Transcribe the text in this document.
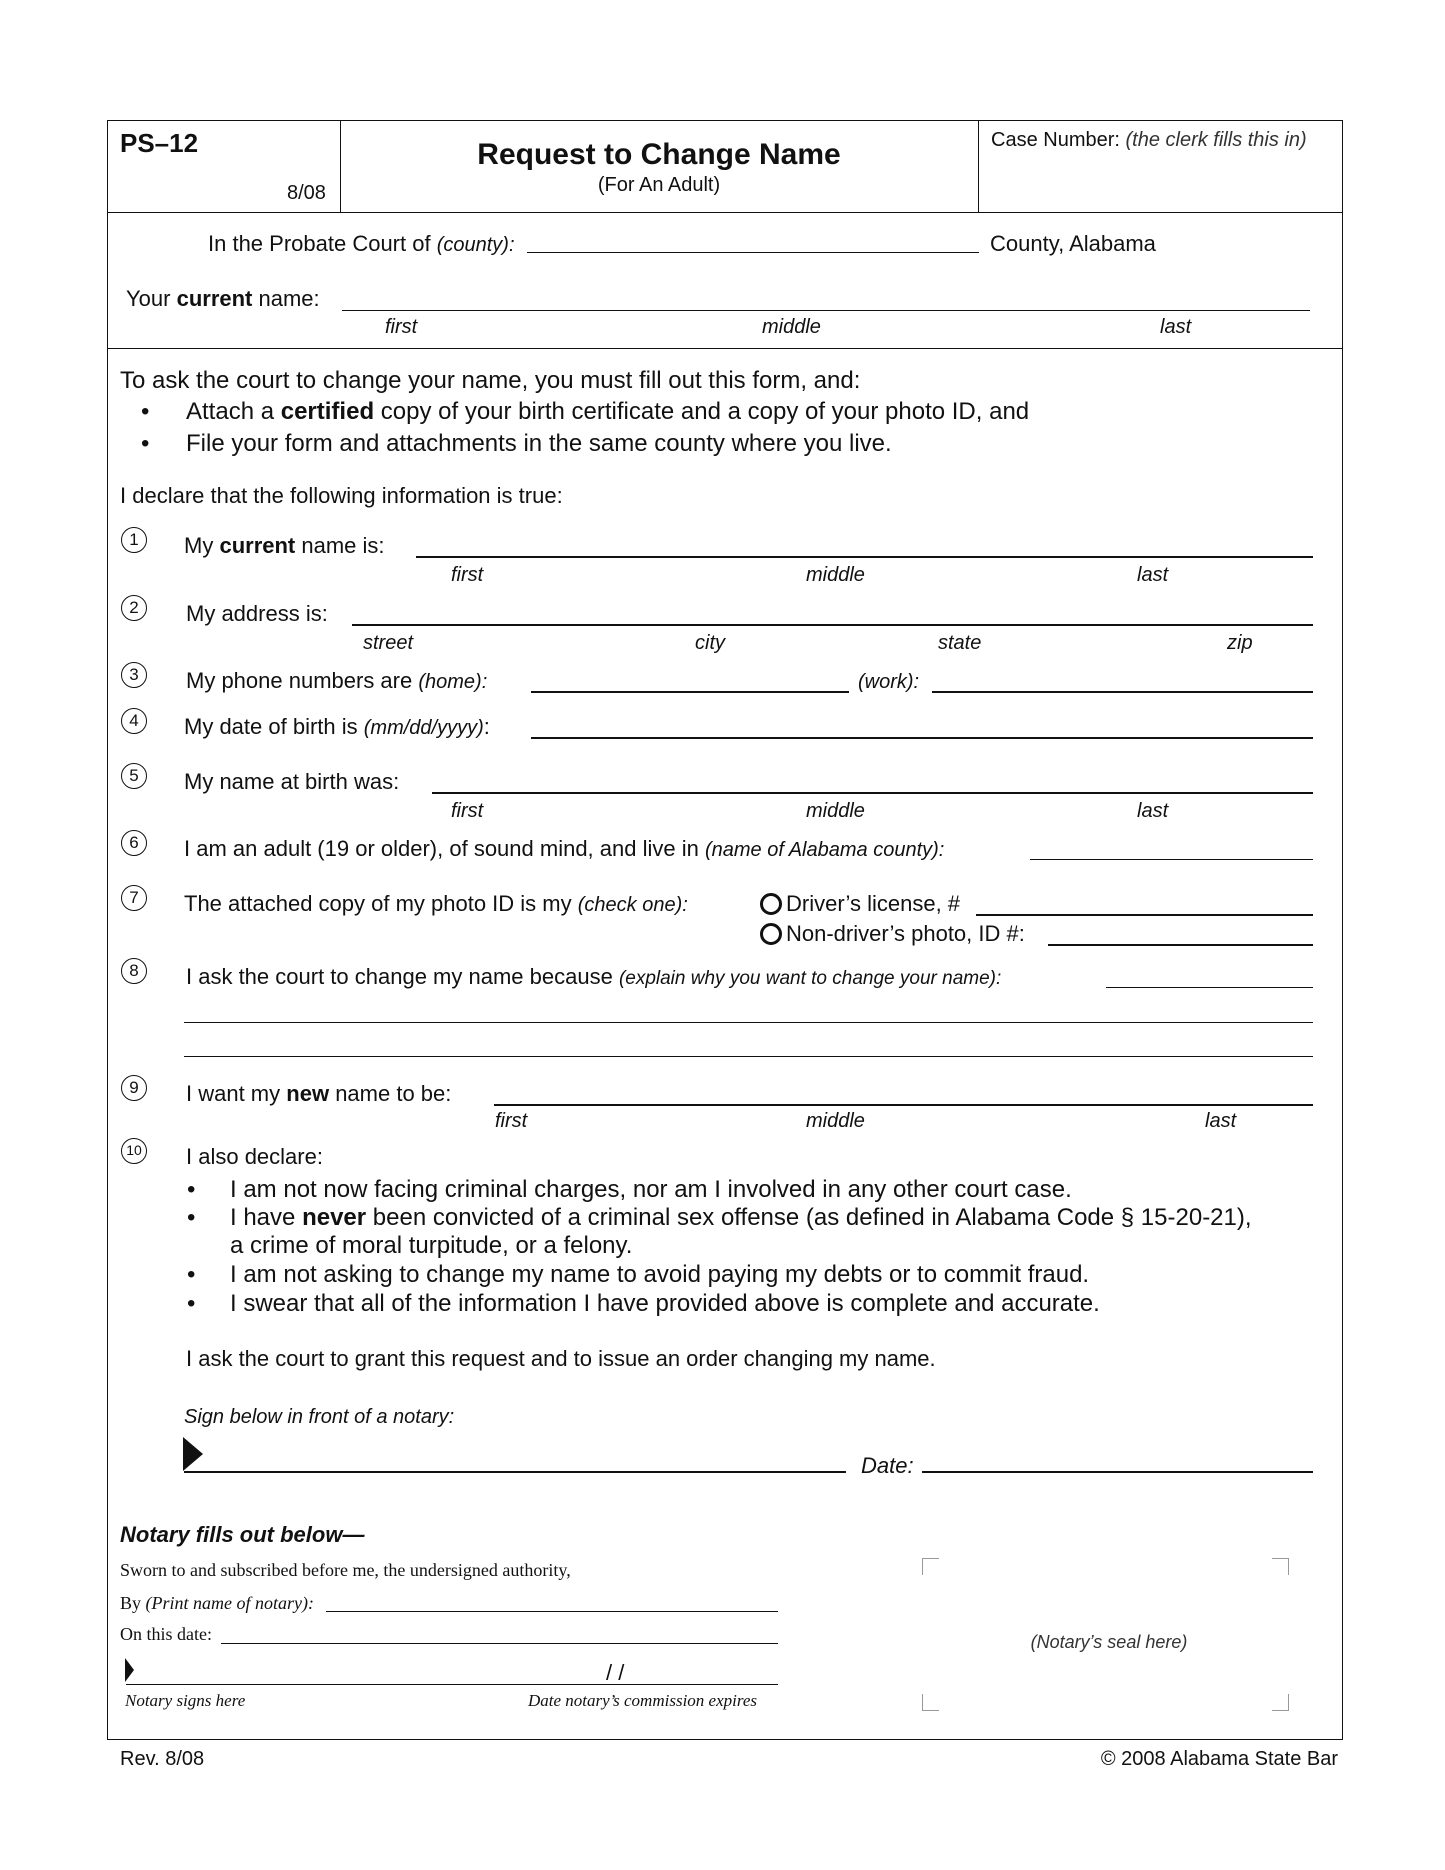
PS–12
8/08
Request to Change Name
(For An Adult)
Case Number: (the clerk fills this in)
In the Probate Court of (county):	County, Alabama
Your current name:
first	middle	last
To ask the court to change your name, you must fill out this form, and:
• Attach a certified copy of your birth certificate and a copy of your photo ID, and
• File your form and attachments in the same county where you live.
I declare that the following information is true:
1	My current name is:
first	middle	last
2	My address is:
street	city	state	zip
3	My phone numbers are (home):	(work):
4	My date of birth is (mm/dd/yyyy):
5	My name at birth was:
first	middle	last
6	I am an adult (19 or older), of sound mind, and live in (name of Alabama county):
7	The attached copy of my photo ID is my (check one):	Driver’s license, #
Non-driver’s photo, ID #:
8	I ask the court to change my name because (explain why you want to change your name):
9	I want my new name to be:
first	middle	last
10 I also declare:
• I am not now facing criminal charges, nor am I involved in any other court case.
• I have never been convicted of a criminal sex offense (as defined in Alabama Code § 15-20-21),
a crime of moral turpitude, or a felony.
• I am not asking to change my name to avoid paying my debts or to commit fraud.
• I swear that all of the information I have provided above is complete and accurate.
I ask the court to grant this request and to issue an order changing my name.
Sign below in front of a notary:
Date:
Notary fills out below—
Sworn to and subscribed before me, the undersigned authority,
By (Print name of notary):
On this date:
/ /
Notary signs here	Date notary’s commission expires
(Notary’s seal here)
Rev. 8/08	© 2008 Alabama State Bar
